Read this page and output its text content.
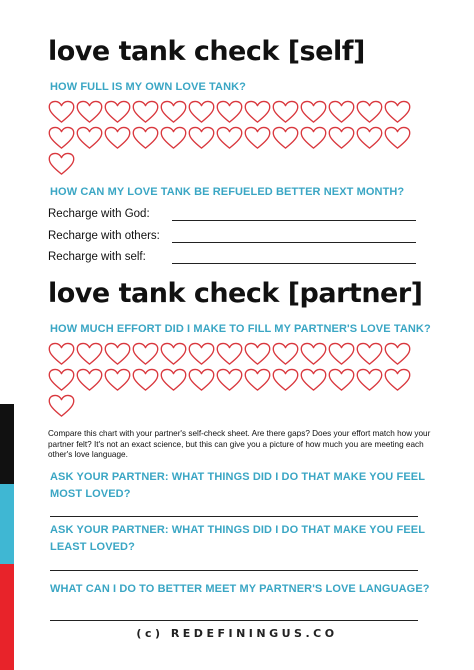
love tank check [self]

HOW FULL IS MY OWN LOVE TANK?

HOW CAN MY LOVE TANK BE REFUELED BETTER NEXT MONTH?

Recharge with God:
Recharge with others:
Recharge with self:
love tank check [partner]

HOW MUCH EFFORT DID I MAKE TO FILL MY PARTNER'S LOVE TANK?

Compare this chart with your partner's self-check sheet. Are there gaps? Does your effort match how your partner felt? It's not an exact science, but this can give you a picture of how much you are meeting each other's love language.

ASK YOUR PARTNER: WHAT THINGS DID I DO THAT MAKE YOU FEEL MOST LOVED?

ASK YOUR PARTNER: WHAT THINGS DID I DO THAT MAKE YOU FEEL LEAST LOVED?

WHAT CAN I DO TO BETTER MEET MY PARTNER'S LOVE LANGUAGE?

(c) REDEFININGUS.CO
